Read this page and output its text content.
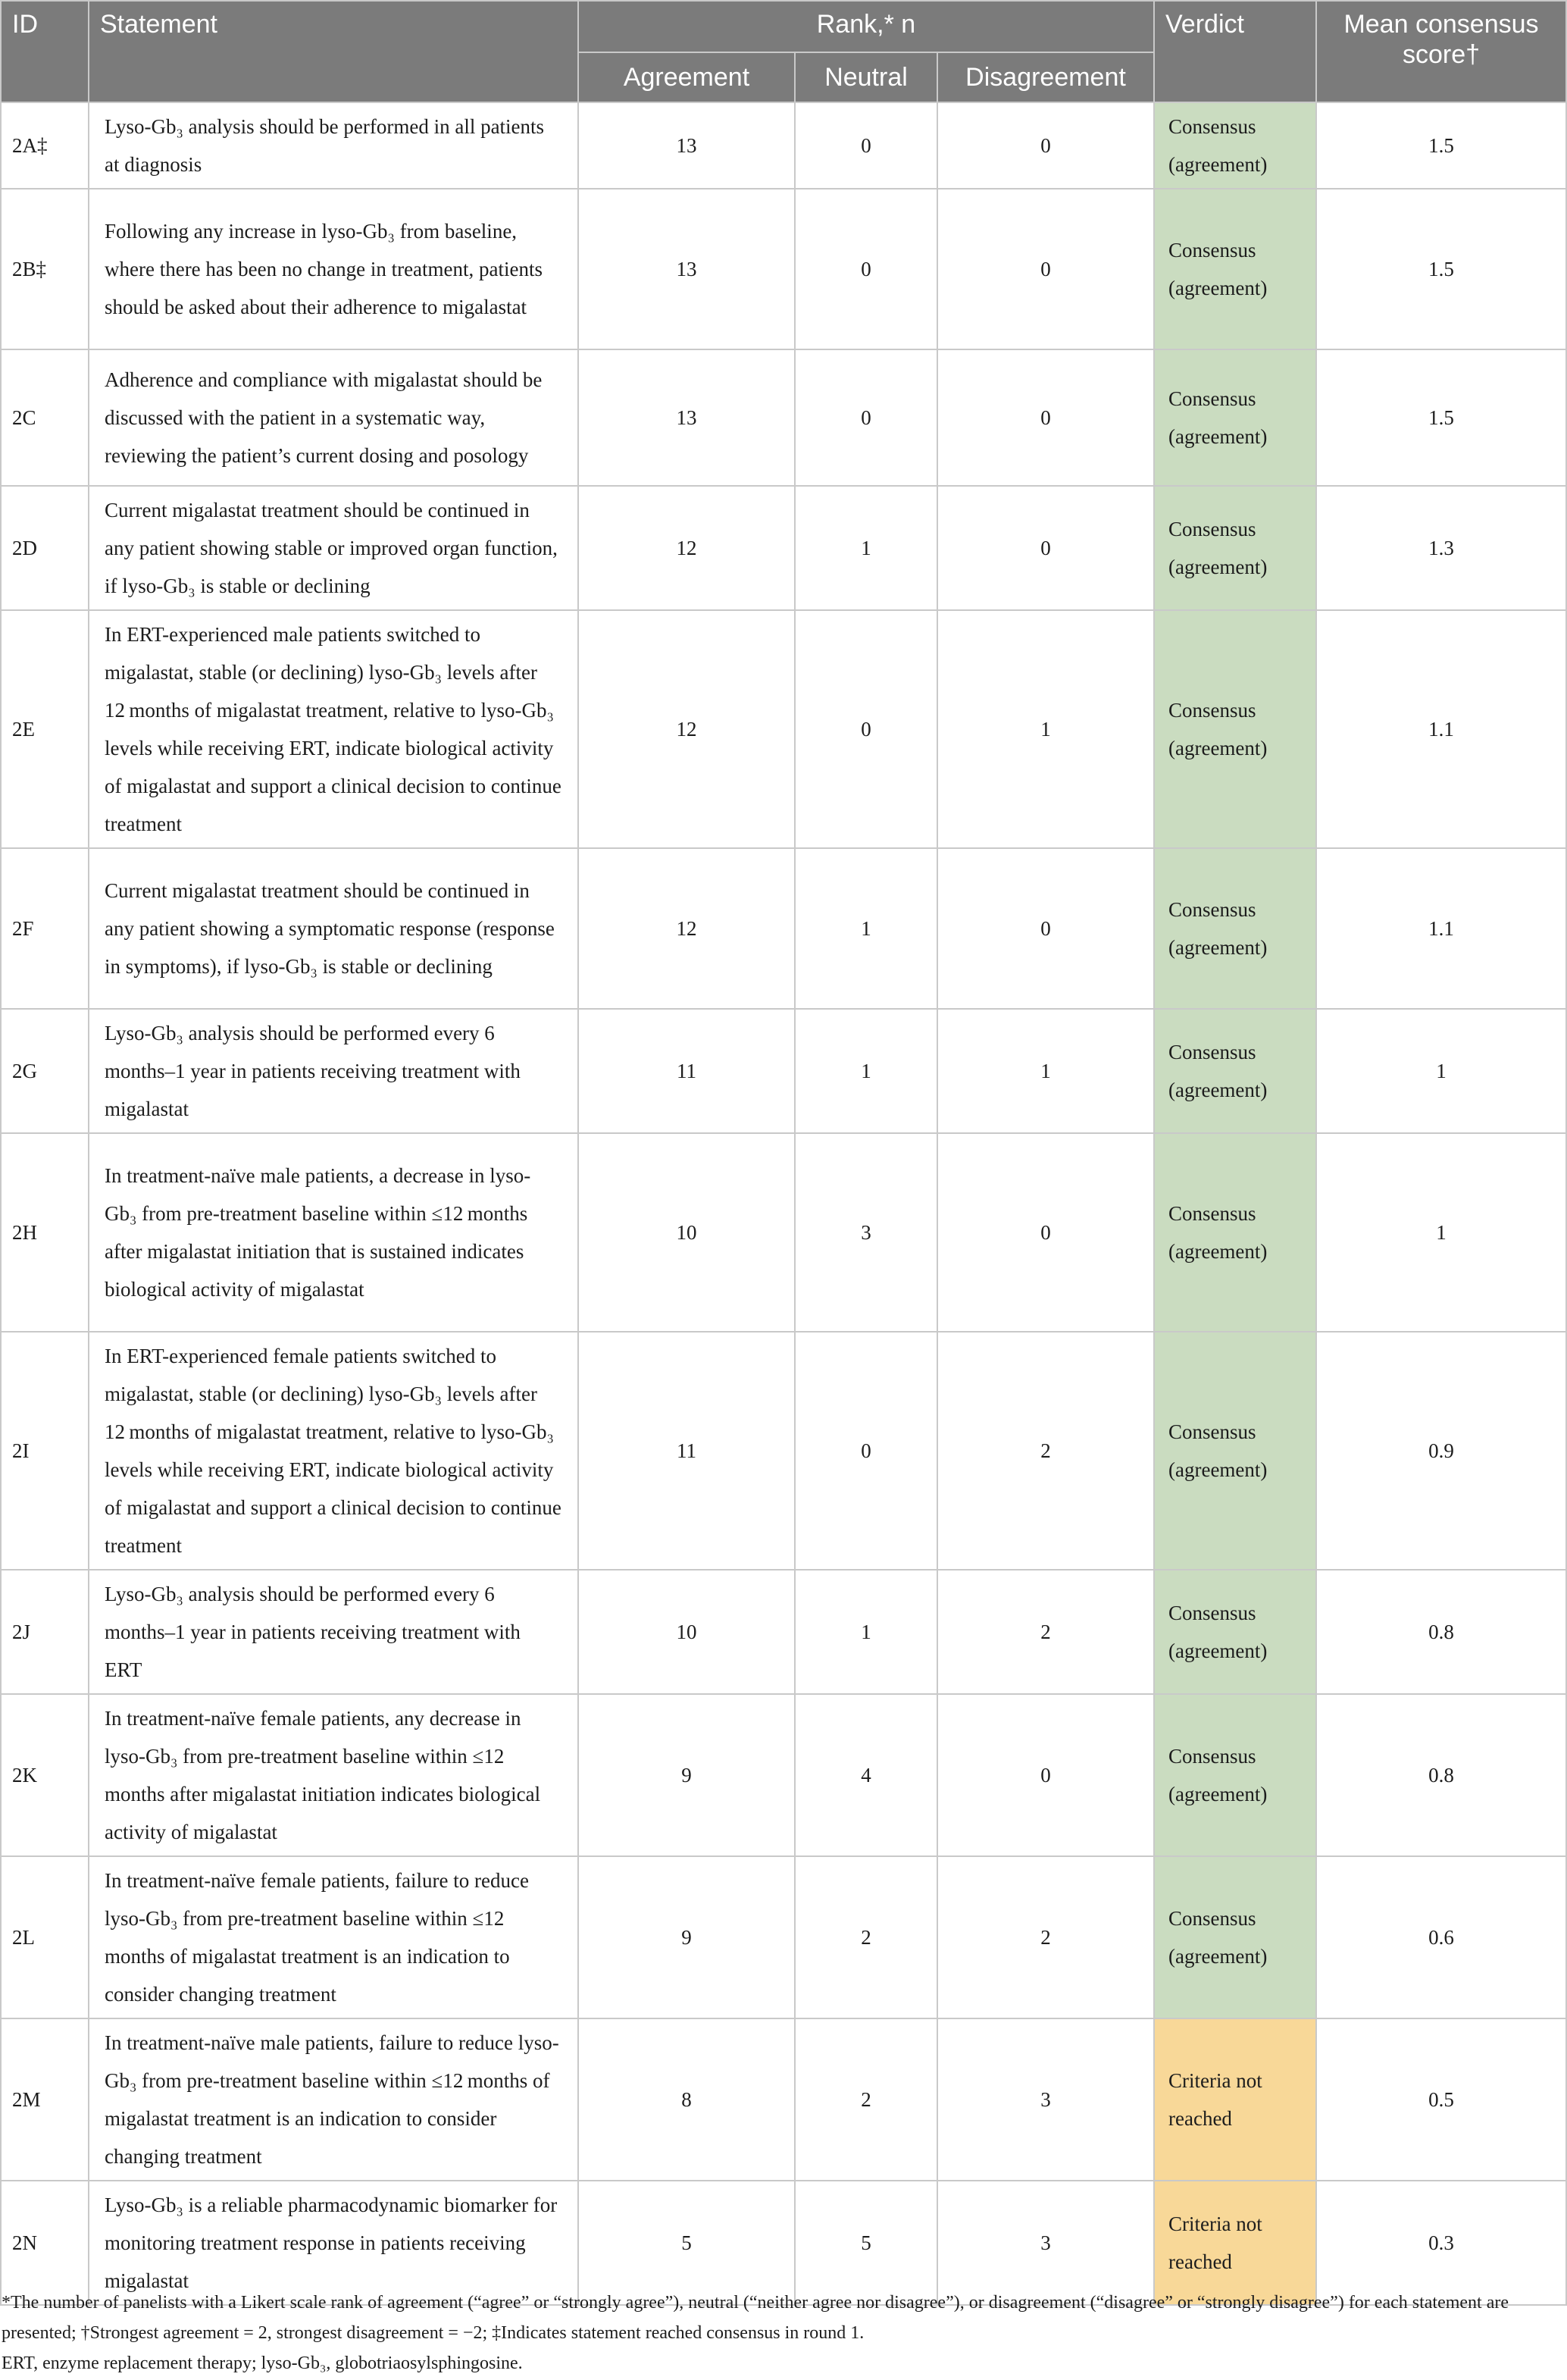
ID	Statement	Rank,* n			Verdict	Mean consensus score†
		Agreement	Neutral	Disagreement		
2A‡	Lyso-Gb₃ analysis should be performed in all patients at diagnosis	13	0	0	Consensus (agreement)	1.5
2B‡	Following any increase in lyso-Gb₃ from baseline, where there has been no change in treatment, patients should be asked about their adherence to migalastat	13	0	0	Consensus (agreement)	1.5
2C	Adherence and compliance with migalastat should be discussed with the patient in a systematic way, reviewing the patient’s current dosing and posology	13	0	0	Consensus (agreement)	1.5
2D	Current migalastat treatment should be continued in any patient showing stable or improved organ function, if lyso-Gb₃ is stable or declining	12	1	0	Consensus (agreement)	1.3
2E	In ERT-experienced male patients switched to migalastat, stable (or declining) lyso-Gb₃ levels after 12 months of migalastat treatment, relative to lyso-Gb₃ levels while receiving ERT, indicate biological activity of migalastat and support a clinical decision to continue treatment	12	0	1	Consensus (agreement)	1.1
2F	Current migalastat treatment should be continued in any patient showing a symptomatic response (response in symptoms), if lyso-Gb₃ is stable or declining	12	1	0	Consensus (agreement)	1.1
2G	Lyso-Gb₃ analysis should be performed every 6 months–1 year in patients receiving treatment with migalastat	11	1	1	Consensus (agreement)	1
2H	In treatment-naïve male patients, a decrease in lyso-Gb₃ from pre-treatment baseline within ≤12 months after migalastat initiation that is sustained indicates biological activity of migalastat	10	3	0	Consensus (agreement)	1
2I	In ERT-experienced female patients switched to migalastat, stable (or declining) lyso-Gb₃ levels after 12 months of migalastat treatment, relative to lyso-Gb₃ levels while receiving ERT, indicate biological activity of migalastat and support a clinical decision to continue treatment	11	0	2	Consensus (agreement)	0.9
2J	Lyso-Gb₃ analysis should be performed every 6 months–1 year in patients receiving treatment with ERT	10	1	2	Consensus (agreement)	0.8
2K	In treatment-naïve female patients, any decrease in lyso-Gb₃ from pre-treatment baseline within ≤12 months after migalastat initiation indicates biological activity of migalastat	9	4	0	Consensus (agreement)	0.8
2L	In treatment-naïve female patients, failure to reduce lyso-Gb₃ from pre-treatment baseline within ≤12 months of migalastat treatment is an indication to consider changing treatment	9	2	2	Consensus (agreement)	0.6
2M	In treatment-naïve male patients, failure to reduce lyso-Gb₃ from pre-treatment baseline within ≤12 months of migalastat treatment is an indication to consider changing treatment	8	2	3	Criteria not reached	0.5
2N	Lyso-Gb₃ is a reliable pharmacodynamic biomarker for monitoring treatment response in patients receiving migalastat	5	5	3	Criteria not reached	0.3

*The number of panelists with a Likert scale rank of agreement (“agree” or “strongly agree”), neutral (“neither agree nor disagree”), or disagreement (“disagree” or “strongly disagree”) for each statement are presented; †Strongest agreement = 2, strongest disagreement = −2; ‡Indicates statement reached consensus in round 1.

ERT, enzyme replacement therapy; lyso-Gb₃, globotriaosylsphingosine.
